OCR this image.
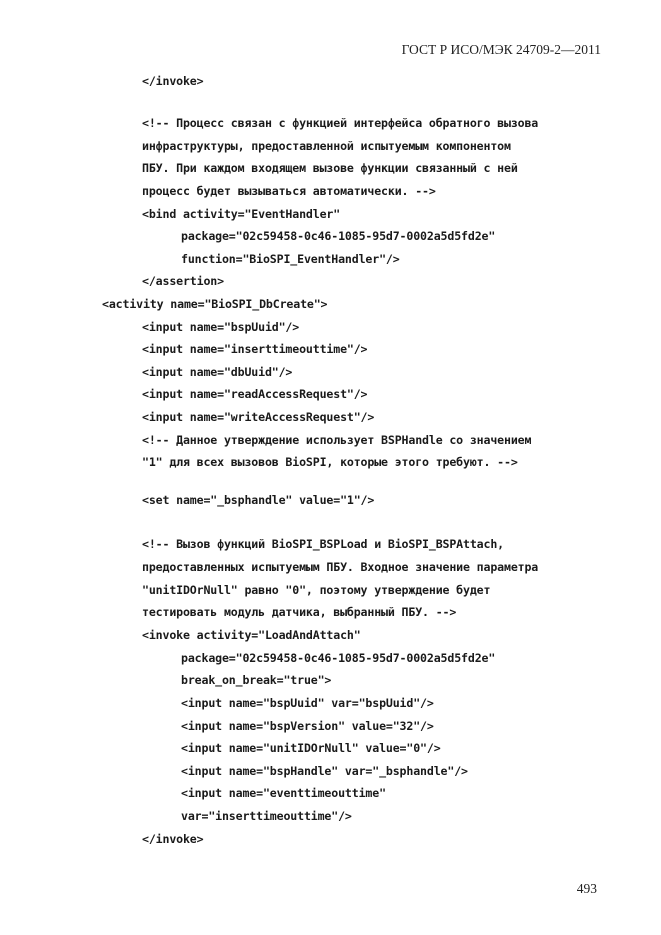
ГОСТ Р ИСО/МЭК 24709-2—2011
</invoke>
<!-- Процесс связан с функцией интерфейса обратного вызова
инфраструктуры, предоставленной испытуемым компонентом
ПБУ. При каждом входящем вызове функции связанный с ней
процесс будет вызываться автоматически. -->
<bind activity="EventHandler"
package="02c59458-0c46-1085-95d7-0002a5d5fd2e"
function="BioSPI_EventHandler"/>
</assertion>
<activity name="BioSPI_DbCreate">
<input name="bspUuid"/>
<input name="inserttimeouttime"/>
<input name="dbUuid"/>
<input name="readAccessRequest"/>
<input name="writeAccessRequest"/>
<!-- Данное утверждение использует BSPHandle со значением
"1" для всех вызовов BioSPI, которые этого требуют. -->
<set name="_bsphandle" value="1"/>
<!-- Вызов функций BioSPI_BSPLoad и BioSPI_BSPAttach,
предоставленных испытуемым ПБУ. Входное значение параметра
"unitIDOrNull" равно "0", поэтому утверждение будет
тестировать модуль датчика, выбранный ПБУ. -->
<invoke activity="LoadAndAttach"
package="02c59458-0c46-1085-95d7-0002a5d5fd2e"
break_on_break="true">
<input name="bspUuid" var="bspUuid"/>
<input name="bspVersion" value="32"/>
<input name="unitIDOrNull" value="0"/>
<input name="bspHandle" var="_bsphandle"/>
<input name="eventtimeouttime"
var="inserttimeouttime"/>
</invoke>
493
